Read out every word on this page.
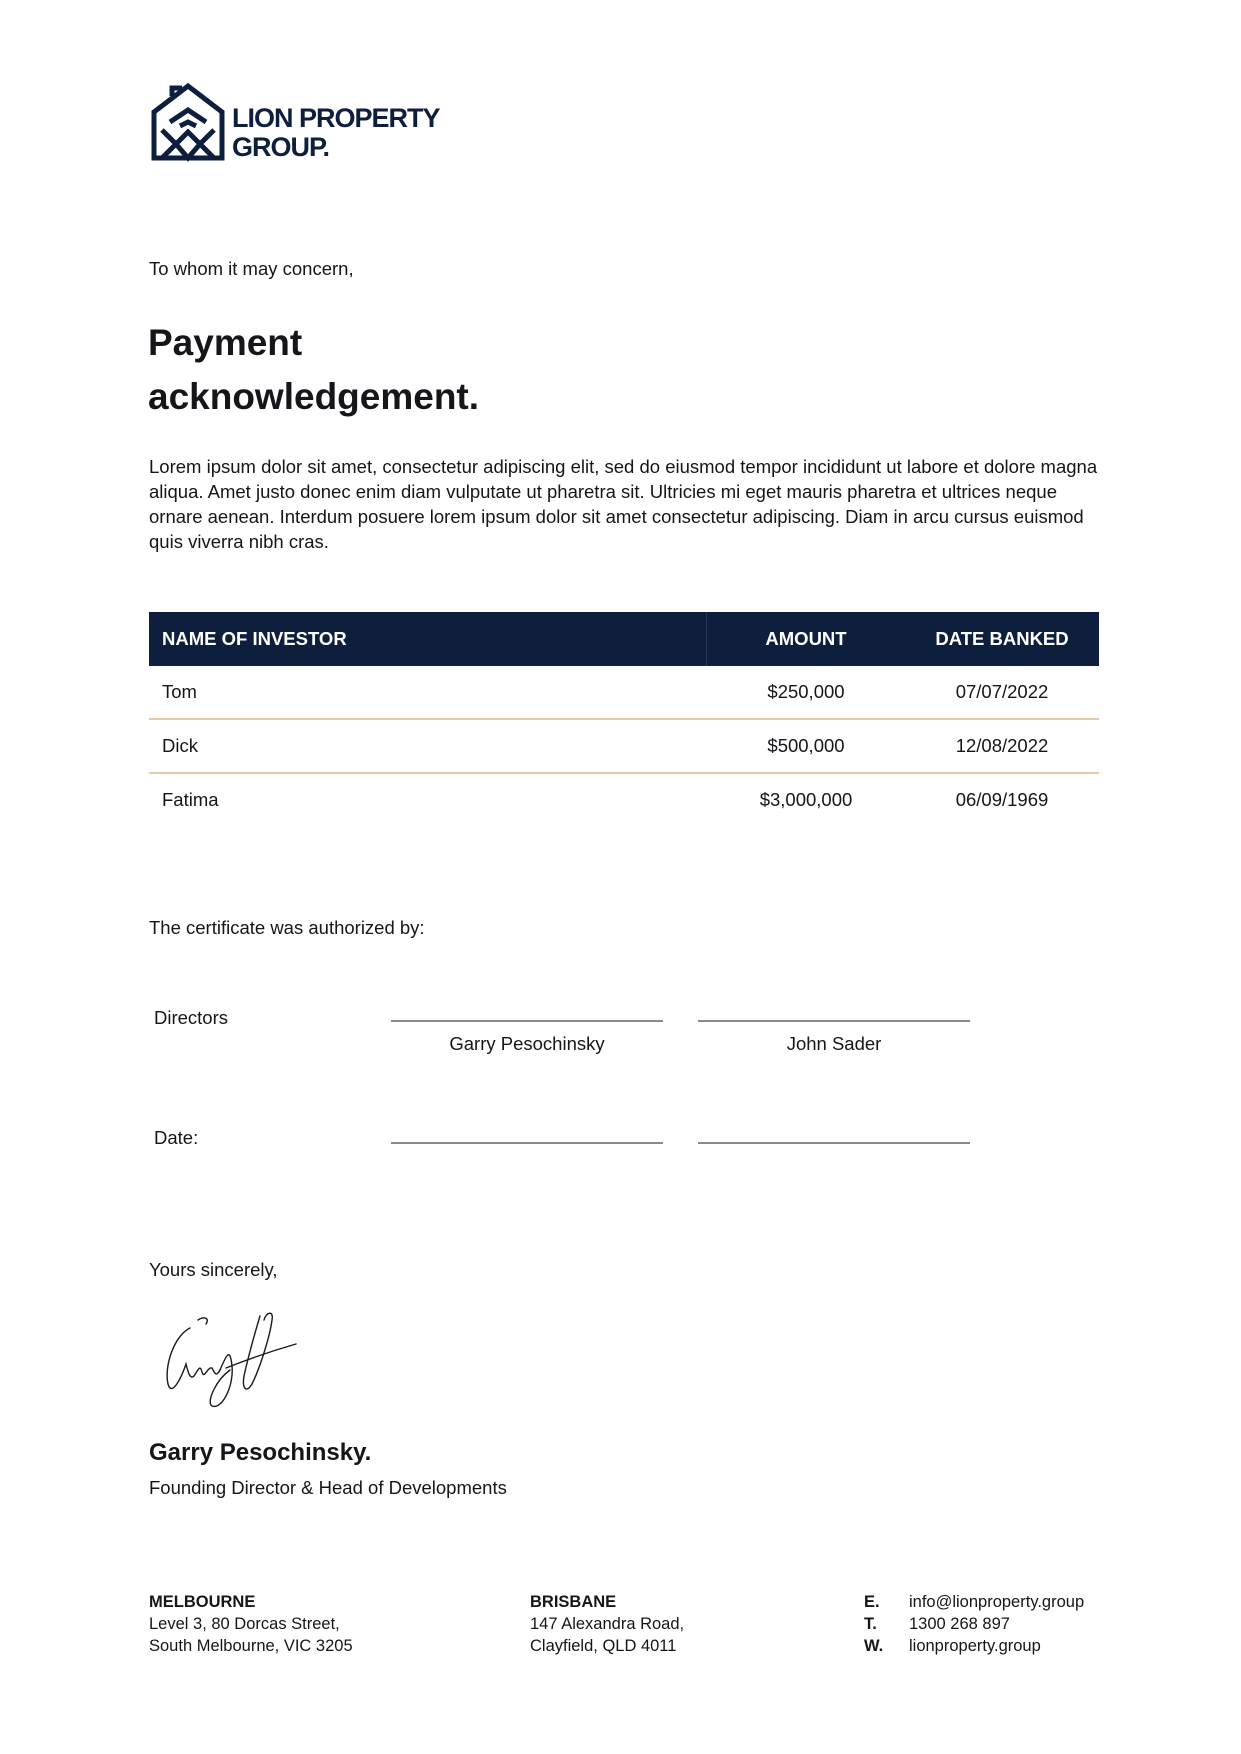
LION PROPERTY
GROUP.
To whom it may concern,
Payment
acknowledgement.
Lorem ipsum dolor sit amet, consectetur adipiscing elit, sed do eiusmod tempor incididunt ut labore et dolore magna aliqua. Amet justo donec enim diam vulputate ut pharetra sit. Ultricies mi eget mauris pharetra et ultrices neque ornare aenean. Interdum posuere lorem ipsum dolor sit amet consectetur adipiscing. Diam in arcu cursus euismod quis viverra nibh cras.
NAME OF INVESTOR	AMOUNT	DATE BANKED
Tom	$250,000	07/07/2022
Dick	$500,000	12/08/2022
Fatima	$3,000,000	06/09/1969
The certificate was authorized by:
Directors
Garry Pesochinsky	John Sader
Date:
Yours sincerely,
Garry Pesochinsky.
Founding Director & Head of Developments
MELBOURNE
Level 3, 80 Dorcas Street,
South Melbourne, VIC 3205
BRISBANE
147 Alexandra Road,
Clayfield, QLD 4011
E.	info@lionproperty.group
T.	1300 268 897
W.	lionproperty.group
